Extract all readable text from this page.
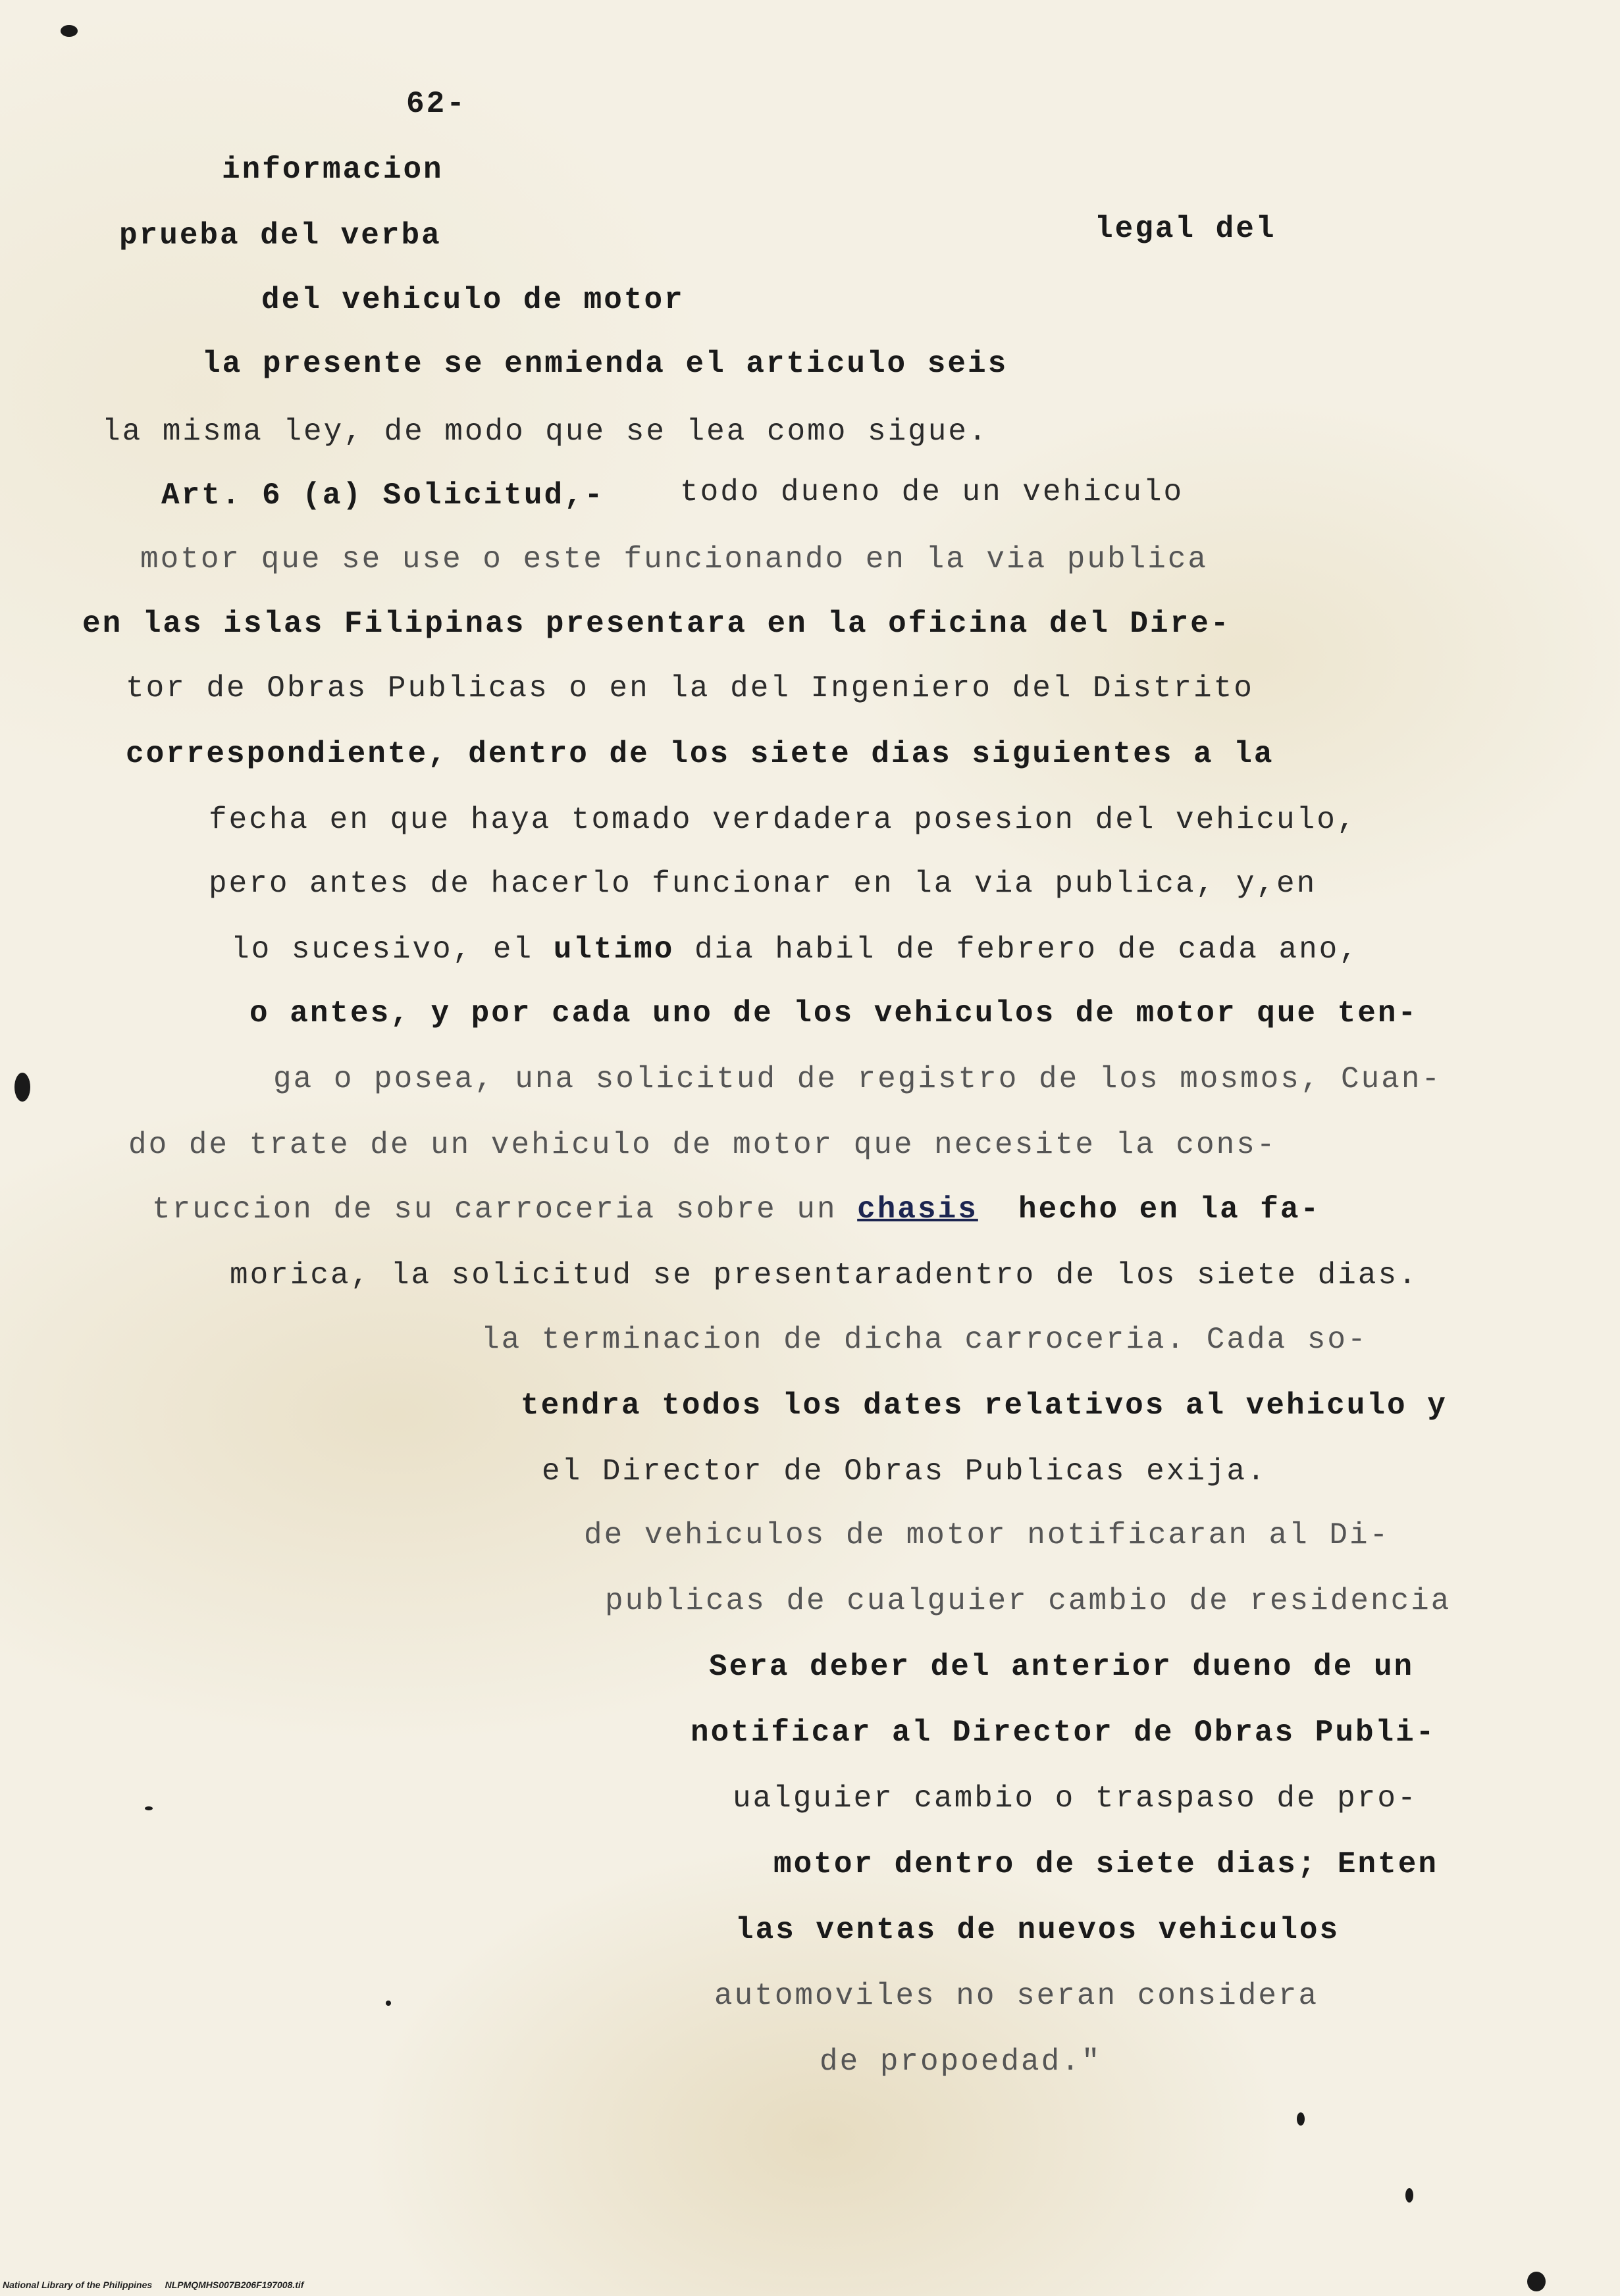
62-
informacion
prueba del verba	legal del
del vehiculo de motor
la presente se enmienda el articulo seis
la misma ley, de modo que se lea como sigue.
Art. 6 (a) Solicitud,- todo dueno de un vehiculo
motor que se use o este funcionando en la via publica
en las islas Filipinas presentara en la oficina del Dire-
tor de Obras Publicas o en la del Ingeniero del Distrito
correspondiente, dentro de los siete dias siguientes a la
fecha en que haya tomado verdadera posesion del vehiculo,
pero antes de hacerlo funcionar en la via publica, y,en
lo sucesivo, el ultimo dia habil de febrero de cada ano,
o antes, y por cada uno de los vehiculos de motor que ten-
ga o posea, una solicitud de registro de los mosmos, Cuan-
do de trate de un vehiculo de motor que necesite la cons-
truccion de su carroceria sobre un chasis hecho en la fa-
morica, la solicitud se presentaradentro de los siete dias.
la terminacion de dicha carroceria. Cada so-
tendra todos los dates relativos al vehiculo y
el Director de Obras Publicas exija.
de vehiculos de motor notificaran al Di-
publicas de cualguier cambio de residencia
Sera deber del anterior dueno de un
notificar al Director de Obras Publi-
ualguier cambio o traspaso de pro-
motor dentro de siete dias; Enten
las ventas de nuevos vehiculos
automoviles no seran considera
de propoedad."
National Library of the Philippines NLPMQMHS007B206F197008.tif
